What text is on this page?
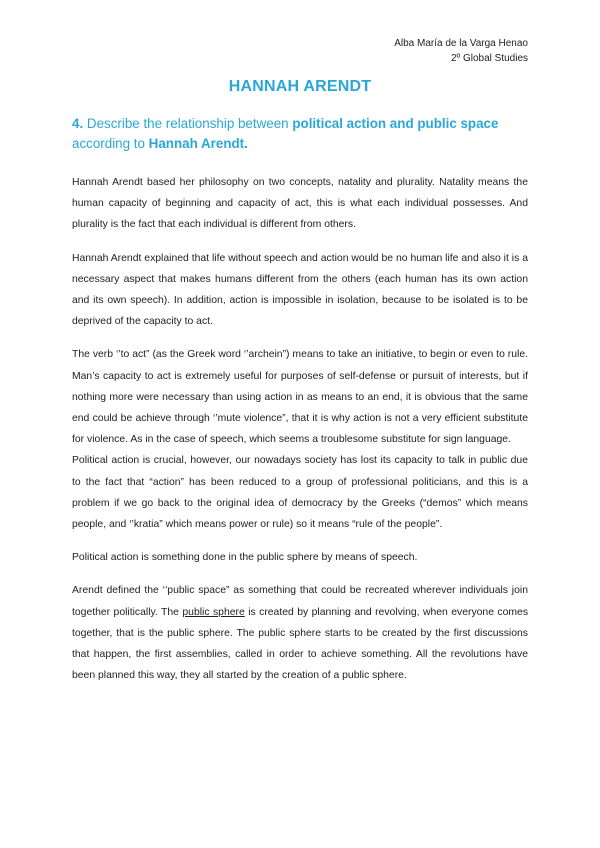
Alba María de la Varga Henao
2º Global Studies
HANNAH ARENDT
4. Describe the relationship between political action and public space according to Hannah Arendt.

Hannah Arendt based her philosophy on two concepts, natality and plurality. Natality means the human capacity of beginning and capacity of act, this is what each individual possesses. And plurality is the fact that each individual is different from others.

Hannah Arendt explained that life without speech and action would be no human life and also it is a necessary aspect that makes humans different from the others (each human has its own action and its own speech). In addition, action is impossible in isolation, because to be isolated is to be deprived of the capacity to act.

The verb ‘’to act” (as the Greek word ‘’archein”) means to take an initiative, to begin or even to rule. Man’s capacity to act is extremely useful for purposes of self-defense or pursuit of interests, but if nothing more were necessary than using action in as means to an end, it is obvious that the same end could be achieve through ‘’mute violence”, that it is why action is not a very efficient substitute for violence. As in the case of speech, which seems a troublesome substitute for sign language.

Political action is crucial, however, our nowadays society has lost its capacity to talk in public due to the fact that “action” has been reduced to a group of professional politicians, and this is a problem if we go back to the original idea of democracy by the Greeks (“demos” which means people, and ‘’kratia” which means power or rule) so it means “rule of the people”.

Political action is something done in the public sphere by means of speech.

Arendt defined the ‘’public space” as something that could be recreated wherever individuals join together politically. The public sphere is created by planning and revolving, when everyone comes together, that is the public sphere. The public sphere starts to be created by the first discussions that happen, the first assemblies, called in order to achieve something. All the revolutions have been planned this way, they all started by the creation of a public sphere.
